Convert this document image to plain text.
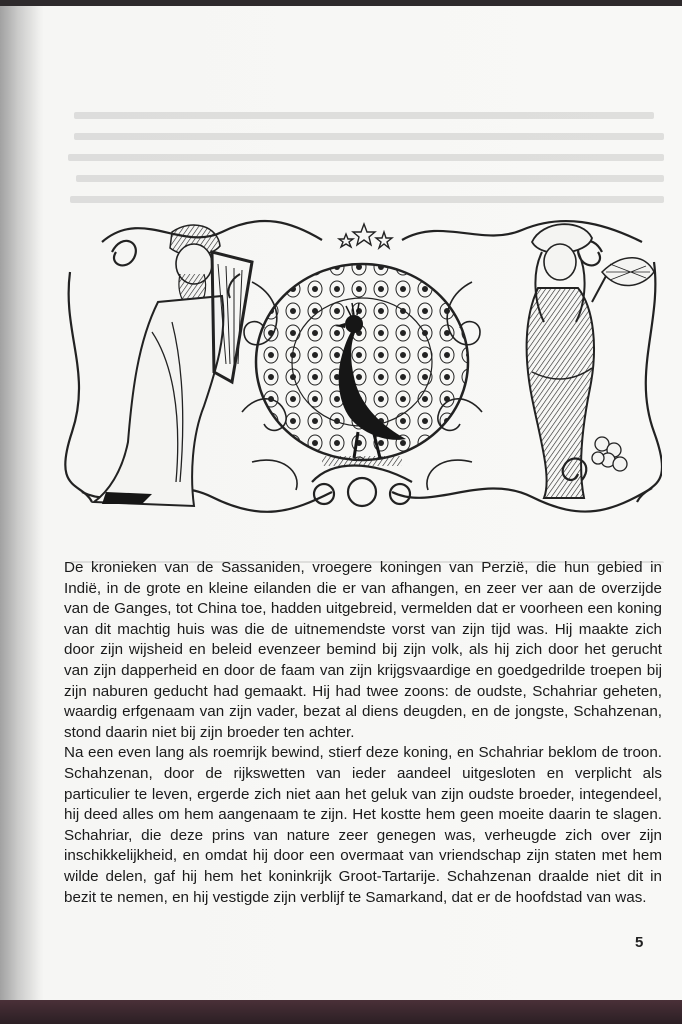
De kronieken van de Sassaniden, vroegere koningen van Perzië, die hun gebied in Indië, in de grote en kleine eilanden die er van afhangen, en zeer ver aan de overzijde van de Ganges, tot China toe, hadden uitgebreid, vermelden dat er voorheen een koning van dit machtig huis was die de uitnemendste vorst van zijn tijd was. Hij maakte zich door zijn wijsheid en beleid evenzeer bemind bij zijn volk, als hij zich door het gerucht van zijn dapperheid en door de faam van zijn krijgsvaardige en goedgedrilde troepen bij zijn naburen geducht had gemaakt. Hij had twee zoons: de oudste, Schahriar geheten, waardig erfgenaam van zijn vader, bezat al diens deugden, en de jongste, Schahzenan, stond daarin niet bij zijn broeder ten achter.

Na een even lang als roemrijk bewind, stierf deze koning, en Schahriar beklom de troon. Schahzenan, door de rijkswetten van ieder aandeel uitgesloten en verplicht als particulier te leven, ergerde zich niet aan het geluk van zijn oudste broeder, integendeel, hij deed alles om hem aangenaam te zijn. Het kostte hem geen moeite daarin te slagen. Schahriar, die deze prins van nature zeer genegen was, verheugde zich over zijn inschikkelijkheid, en omdat hij door een overmaat van vriendschap zijn staten met hem wilde delen, gaf hij hem het koninkrijk Groot-Tartarije. Schahzenan draalde niet dit in bezit te nemen, en hij vestigde zijn verblijf te Samarkand, dat er de hoofdstad van was.

5
